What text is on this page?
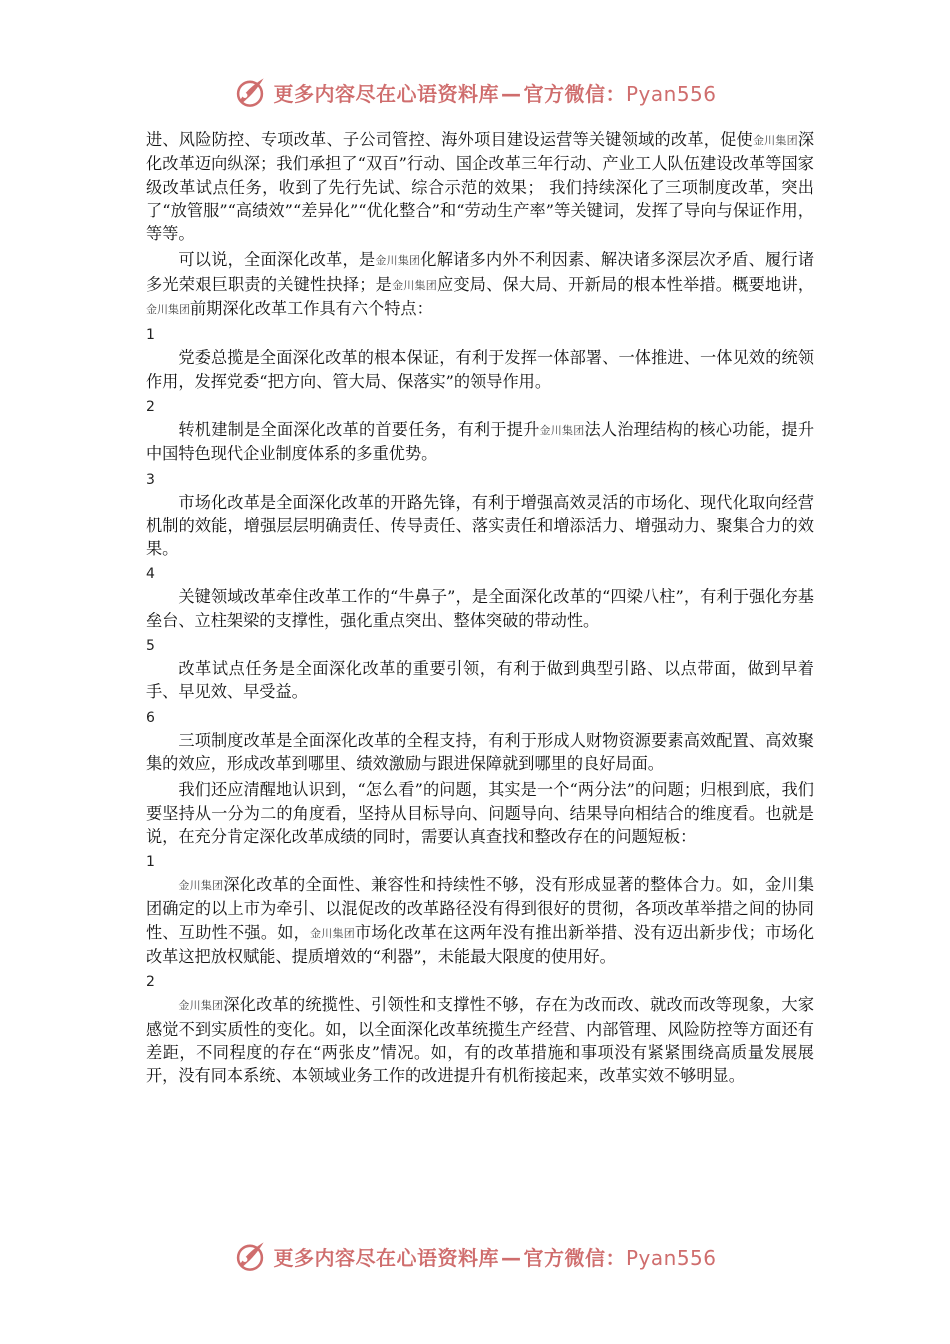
更多内容尽在心语资料库 — 官方微信：Pyan556

进、风险防控、专项改革、子公司管控、海外项目建设运营等关键领域的改革，促使金川集团深化改革迈向纵深；我们承担了“双百”行动、国企改革三年行动、产业工人队伍建设改革等国家级改革试点任务，收到了先行先试、综合示范的效果； 我们持续深化了三项制度改革，突出了“放管服”“高绩效”“差异化”“优化整合”和“劳动生产率”等关键词，发挥了导向与保证作用，等等。

可以说，全面深化改革，是金川集团化解诸多内外不利因素、解决诸多深层次矛盾、履行诸多光荣艰巨职责的关键性抉择；是金川集团应变局、保大局、开新局的根本性举措。概要地讲，金川集团前期深化改革工作具有六个特点：

1

党委总揽是全面深化改革的根本保证，有利于发挥一体部署、一体推进、一体见效的统领作用，发挥党委“把方向、管大局、保落实”的领导作用。

2

转机建制是全面深化改革的首要任务，有利于提升金川集团法人治理结构的核心功能，提升中国特色现代企业制度体系的多重优势。

3

市场化改革是全面深化改革的开路先锋，有利于增强高效灵活的市场化、现代化取向经营机制的效能，增强层层明确责任、传导责任、落实责任和增添活力、增强动力、聚集合力的效果。

4

关键领域改革牵住改革工作的“牛鼻子”，是全面深化改革的“四梁八柱”，有利于强化夯基垒台、立柱架梁的支撑性，强化重点突出、整体突破的带动性。

5

改革试点任务是全面深化改革的重要引领，有利于做到典型引路、以点带面，做到早着手、早见效、早受益。

6

三项制度改革是全面深化改革的全程支持，有利于形成人财物资源要素高效配置、高效聚集的效应，形成改革到哪里、绩效激励与跟进保障就到哪里的良好局面。

我们还应清醒地认识到，“怎么看”的问题，其实是一个“两分法”的问题；归根到底，我们要坚持从一分为二的角度看，坚持从目标导向、问题导向、结果导向相结合的维度看。也就是说，在充分肯定深化改革成绩的同时，需要认真查找和整改存在的问题短板：

1

金川集团深化改革的全面性、兼容性和持续性不够，没有形成显著的整体合力。如，金川集团确定的以上市为牵引、以混促改的改革路径没有得到很好的贯彻，各项改革举措之间的协同性、互助性不强。如，金川集团市场化改革在这两年没有推出新举措、没有迈出新步伐；市场化改革这把放权赋能、提质增效的“利器”，未能最大限度的使用好。

2

金川集团深化改革的统揽性、引领性和支撑性不够，存在为改而改、就改而改等现象，大家感觉不到实质性的变化。如，以全面深化改革统揽生产经营、内部管理、风险防控等方面还有差距，不同程度的存在“两张皮”情况。如，有的改革措施和事项没有紧紧围绕高质量发展展开，没有同本系统、本领域业务工作的改进提升有机衔接起来，改革实效不够明显。

更多内容尽在心语资料库 — 官方微信：Pyan556
